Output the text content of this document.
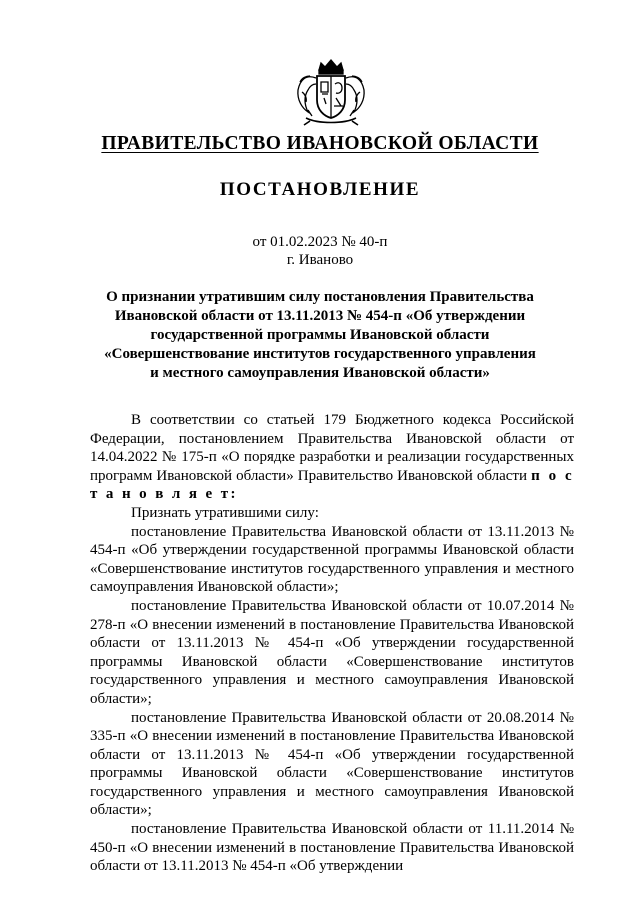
ПРАВИТЕЛЬСТВО ИВАНОВСКОЙ ОБЛАСТИ
ПОСТАНОВЛЕНИЕ
от 01.02.2023 № 40-п
г. Иваново
О признании утратившим силу постановления Правительства
Ивановской области от 13.11.2013 № 454-п «Об утверждении
государственной программы Ивановской области
«Совершенствование институтов государственного управления
и местного самоуправления Ивановской области»

В соответствии со статьей 179 Бюджетного кодекса Российской Федерации, постановлением Правительства Ивановской области от 14.04.2022 № 175-п «О порядке разработки и реализации государственных программ Ивановской области» Правительство Ивановской области п о с т а н о в л я е т:

Признать утратившими силу:

постановление Правительства Ивановской области от 13.11.2013 № 454-п «Об утверждении государственной программы Ивановской области «Совершенствование институтов государственного управления и местного самоуправления Ивановской области»;

постановление Правительства Ивановской области от 10.07.2014 № 278-п «О внесении изменений в постановление Правительства Ивановской области от 13.11.2013 № 454-п «Об утверждении государственной программы Ивановской области «Совершенствование институтов государственного управления и местного самоуправления Ивановской области»;

постановление Правительства Ивановской области от 20.08.2014 № 335-п «О внесении изменений в постановление Правительства Ивановской области от 13.11.2013 № 454-п «Об утверждении государственной программы Ивановской области «Совершенствование институтов государственного управления и местного самоуправления Ивановской области»;

постановление Правительства Ивановской области от 11.11.2014 № 450-п «О внесении изменений в постановление Правительства Ивановской области от 13.11.2013 № 454-п «Об утверждении
